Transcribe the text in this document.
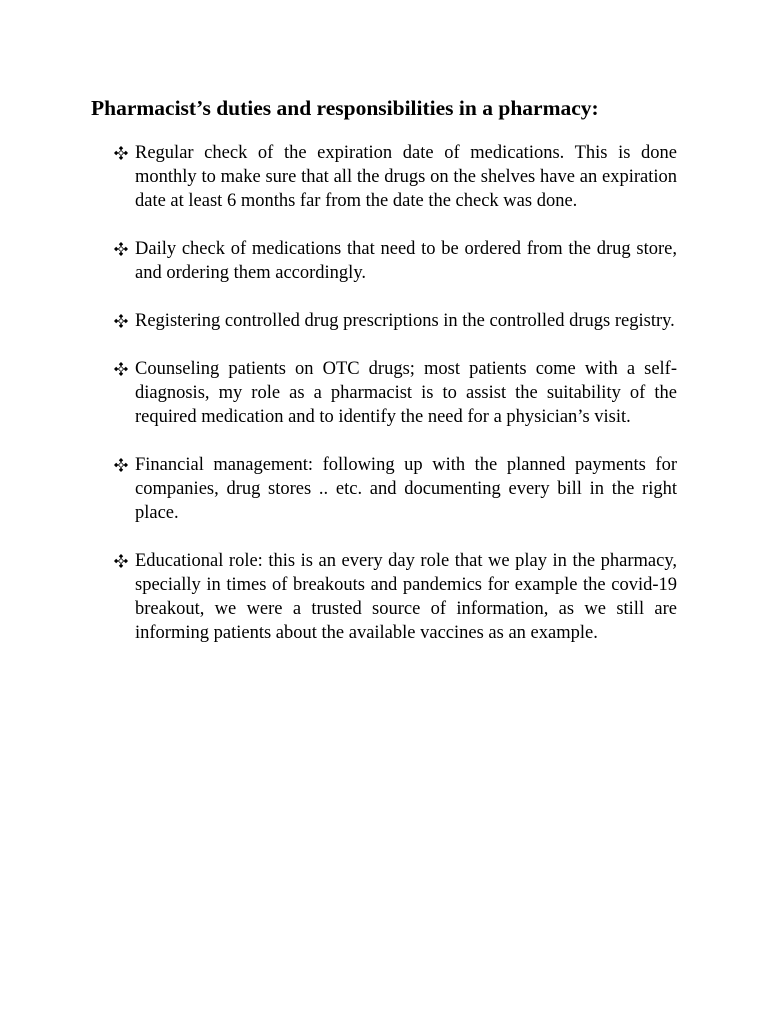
Pharmacist’s duties and responsibilities in a pharmacy:
Regular check of the expiration date of medications. This is done monthly to make sure that all the drugs on the shelves have an expiration date at least 6 months far from the date the check was done.
Daily check of medications that need to be ordered from the drug store, and ordering them accordingly.
Registering controlled drug prescriptions in the controlled drugs registry.
Counseling patients on OTC drugs; most patients come with a self-diagnosis, my role as a pharmacist is to assist the suitability of the required medication and to identify the need for a physician’s visit.
Financial management: following up with the planned payments for companies, drug stores .. etc. and documenting every bill in the right place.
Educational role: this is an every day role that we play in the pharmacy, specially in times of breakouts and pandemics for example the covid-19 breakout, we were a trusted source of information, as we still are informing patients about the available vaccines as an example.
